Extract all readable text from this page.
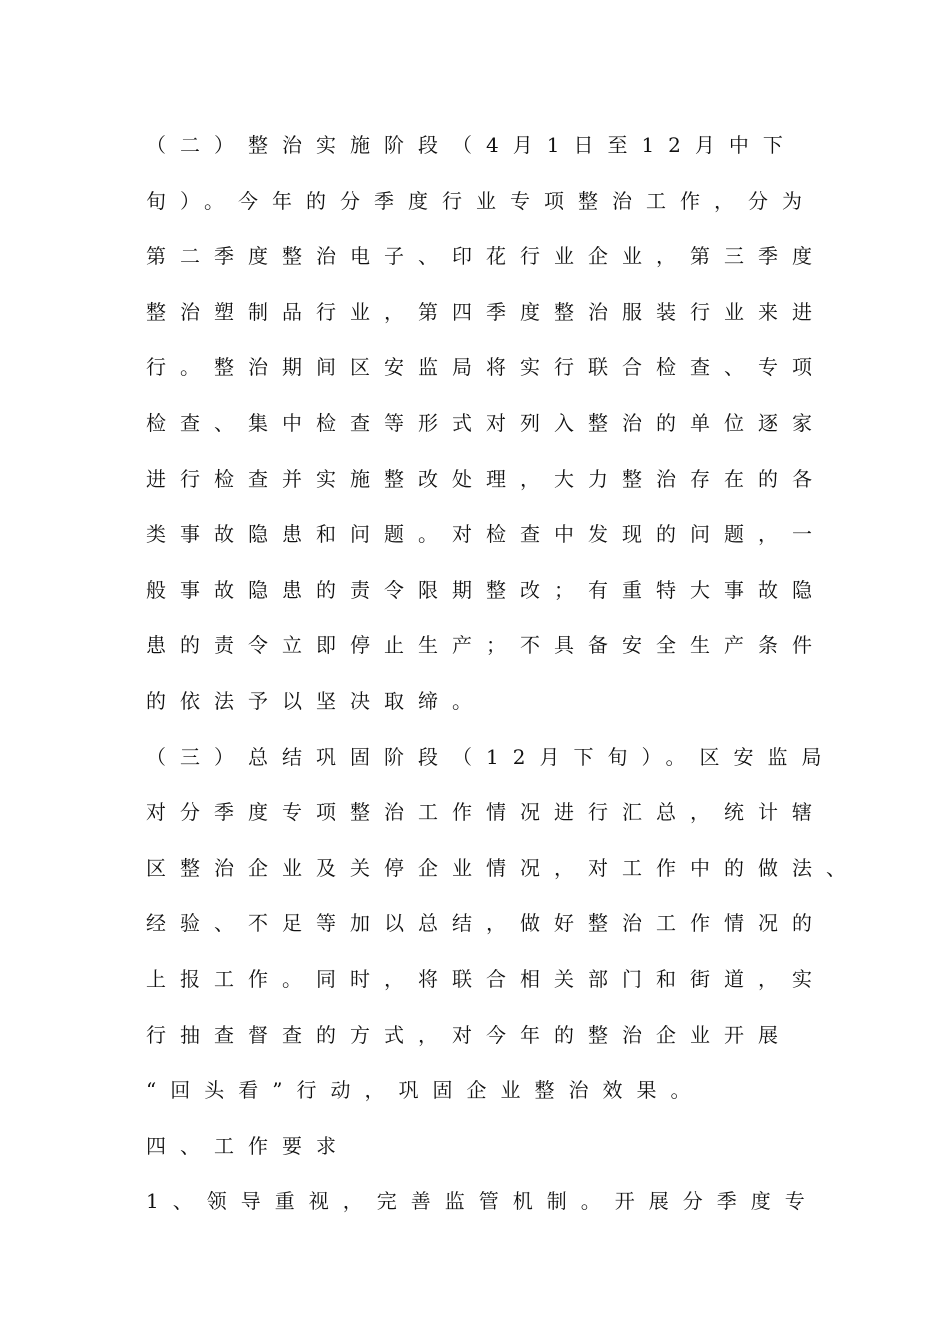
（二）整治实施阶段（4月1日至12月中下
旬）。今年的分季度行业专项整治工作，分为
第二季度整治电子、印花行业企业，第三季度
整治塑制品行业，第四季度整治服装行业来进
行。整治期间区安监局将实行联合检查、专项
检查、集中检查等形式对列入整治的单位逐家
进行检查并实施整改处理，大力整治存在的各
类事故隐患和问题。对检查中发现的问题，一
般事故隐患的责令限期整改；有重特大事故隐
患的责令立即停止生产；不具备安全生产条件
的依法予以坚决取缔。
（三）总结巩固阶段（12月下旬）。区安监局
对分季度专项整治工作情况进行汇总，统计辖
区整治企业及关停企业情况，对工作中的做法、
经验、不足等加以总结，做好整治工作情况的
上报工作。同时，将联合相关部门和街道，实
行抽查督查的方式，对今年的整治企业开展
“回头看”行动，巩固企业整治效果。
四、工作要求
1、领导重视，完善监管机制。开展分季度专
